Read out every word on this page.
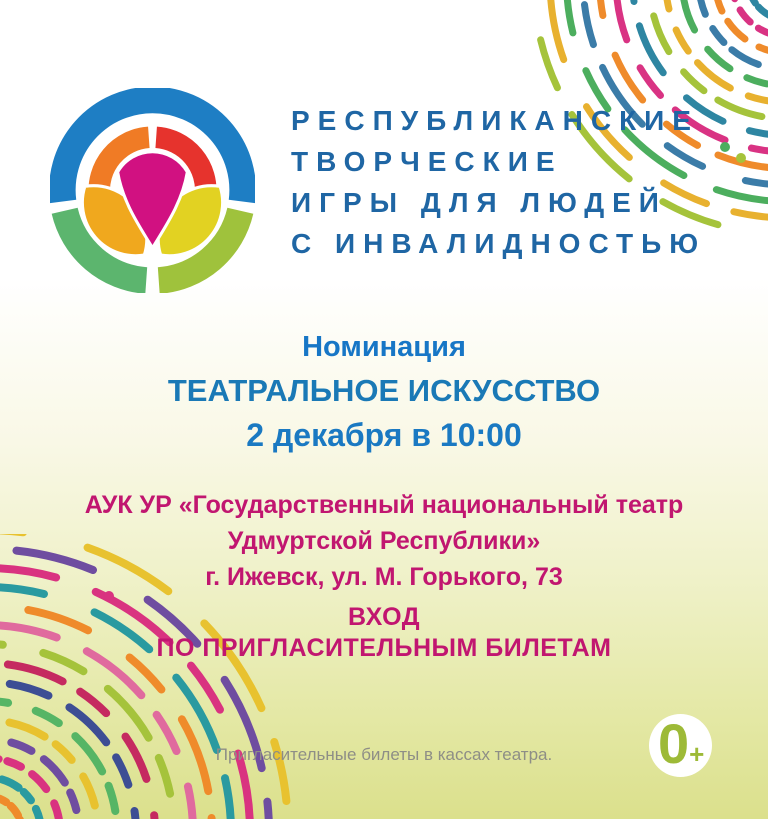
РЕСПУБЛИКАНСКИЕ
ТВОРЧЕСКИЕ
ИГРЫ ДЛЯ ЛЮДЕЙ
С ИНВАЛИДНОСТЬЮ
Номинация
ТЕАТРАЛЬНОЕ ИСКУССТВО
2 декабря в 10:00
АУК УР «Государственный национальный театр
Удмуртской Республики»
г. Ижевск, ул. М. Горького, 73
ВХОД
ПО ПРИГЛАСИТЕЛЬНЫМ БИЛЕТАМ
Пригласительные билеты в кассах театра.	0+
